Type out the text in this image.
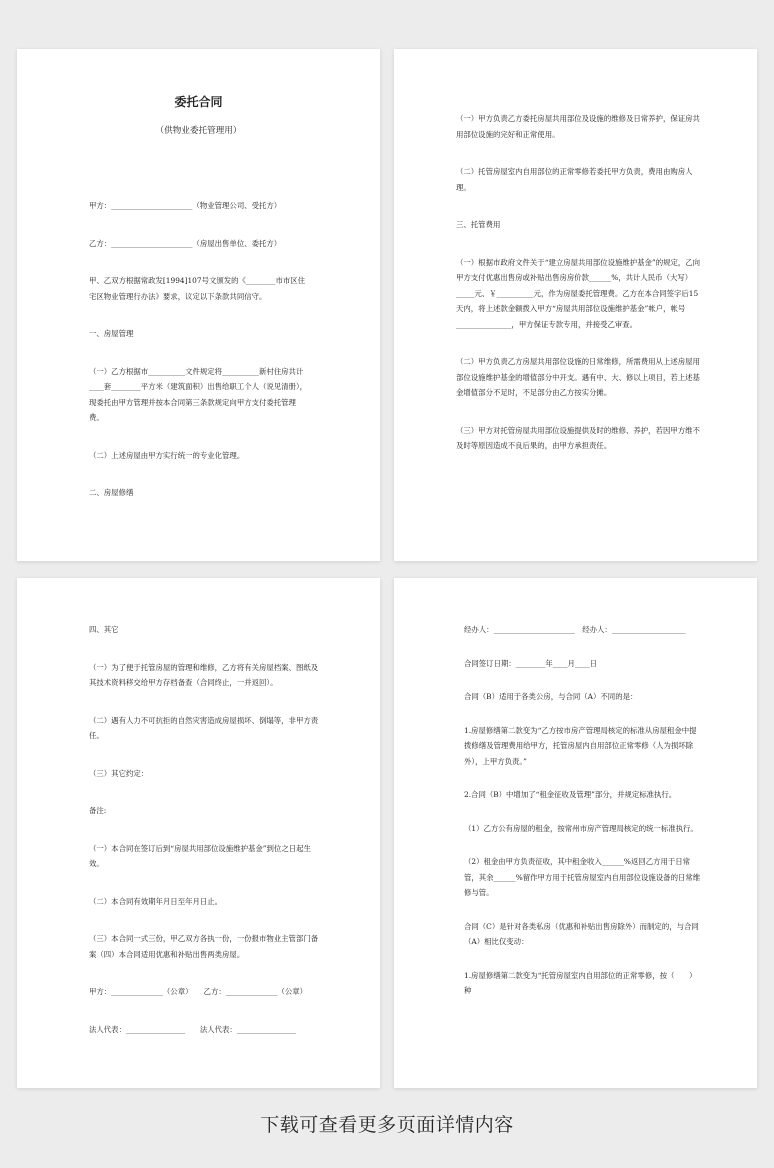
委托合同

（供物业委托管理用）

甲方：______________________（物业管理公司、受托方）

乙方：______________________（房屋出售单位、委托方）

甲、乙双方根据常政发[1994]107号文颁发的《________市市区住宅区物业管理行办法》要求，议定以下条款共同信守。

一、房屋管理

（一）乙方根据市__________文件规定将__________新村住房共计____套________平方米（建筑面积）出售给职工个人（说见清册），现委托由甲方管理并按本合同第三条款规定向甲方支付委托管理费。

（二）上述房屋由甲方实行统一的专业化管理。

二、房屋修缮

（一）甲方负责乙方委托房屋共用部位及设施的维修及日常养护，保证房共用部位设施的完好和正常使用。

（二）托管房屋室内自用部位的正常零修若委托甲方负责，费用由购房人理。

三、托管费用

（一）根据市政府文件关于“建立房屋共用部位设施维护基金”的规定，乙向甲方支付优惠出售房或补贴出售房房价款______%，共计人民币（大写）_____元、￥__________元，作为房屋委托管理费。乙方在本合同签字后15天内，将上述款金额拨入甲方“房屋共用部位设施维护基金”帐户，帐号_______________，甲方保证专款专用，并接受乙审查。

（二）甲方负责乙方房屋共用部位设施的日常维修，所需费用从上述房屋用部位设施维护基金的增值部分中开支。遇有中、大、修以上项目，若上述基金增值部分不足时，不足部分由乙方按实分摊。

（三）甲方对托管房屋共用部位设施提供及时的维修、养护，若因甲方维不及时等原因造成不良后果的，由甲方承担责任。

四、其它

（一）为了便于托管房屋的管理和维修，乙方将有关房屋档案、图纸及其技术资料移交给甲方存档备查（合同终止，一并返回）。

（二）遇有人力不可抗拒的自然灾害造成房屋损坏、倒塌等，非甲方责任。

（三）其它约定：

备注:

（一）本合同在签订后到“房屋共用部位设施维护基金”到位之日起生效。

（二）本合同有效期年月日至年月日止。

（三）本合同一式三份，甲乙双方各执一份，一份报市物业主管部门备案（四）本合同适用优惠和补贴出售两类房屋。

甲方：______________（公章）　　乙方：______________（公章）

法人代表：________________　　法人代表：________________

经办人：______________________　经办人：____________________

合同签订日期：________年____月____日

合同（B）适用于各类公房，与合同（A）不同的是：

1.房屋修缮第二款变为“乙方按市房产管理局核定的标准从房屋租金中提拨修缮及管理费用给甲方，托管房屋内自用部位正常零修（人为损坏除外），上甲方负责。”

2.合同（B）中增加了“租金征收及管理”部分，并规定标准执行。

（1）乙方公有房屋的租金，按常州市房产管理局核定的统一标准执行。

（2）租金由甲方负责征收，其中租金收入______%返回乙方用于日常管，其余______%留作甲方用于托管房屋室内自用部位设施设备的日常维修与管。

合同（C）是针对各类私房（优惠和补贴出售房除外）而制定的，与合同（A）相比仅变动：

1.房屋修缮第二款变为“托管房屋室内自用部位的正常零修，按（　　）种

下载可查看更多页面详情内容
